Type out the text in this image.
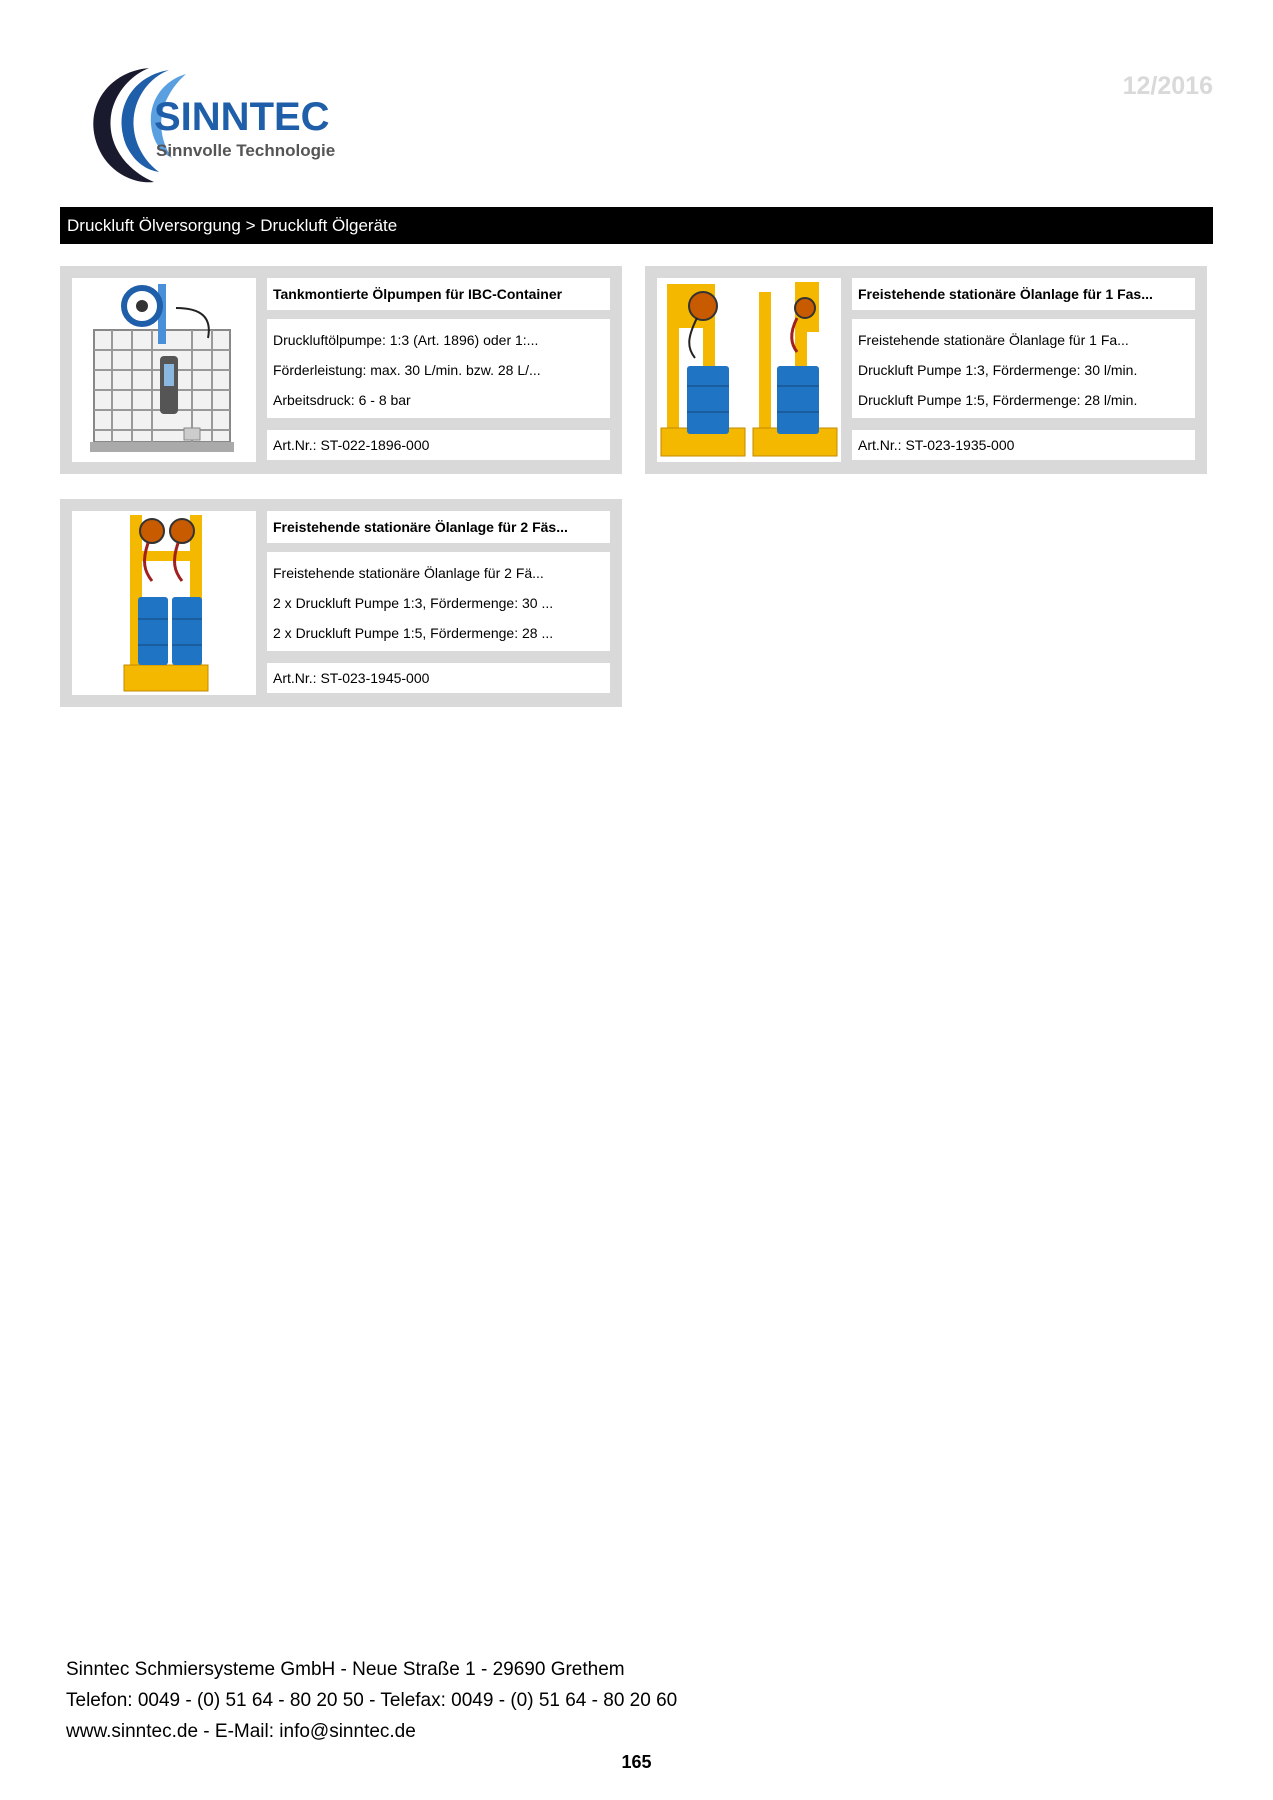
SINNTEC
Sinnvolle Technologie
12/2016
Druckluft Ölversorgung > Druckluft Ölgeräte
Tankmontierte Ölpumpen für IBC-Container
Druckluftölpumpe: 1:3 (Art. 1896) oder 1:...
Förderleistung: max. 30 L/min. bzw. 28 L/...
Arbeitsdruck: 6 - 8 bar
Art.Nr.: ST-022-1896-000
Freistehende stationäre Ölanlage für 1 Fas...
Freistehende stationäre Ölanlage für 1 Fa...
Druckluft Pumpe 1:3, Fördermenge: 30 l/min.
Druckluft Pumpe 1:5, Fördermenge: 28 l/min.
Art.Nr.: ST-023-1935-000
Freistehende stationäre Ölanlage für 2 Fäs...
Freistehende stationäre Ölanlage für 2 Fä...
2 x Druckluft Pumpe 1:3, Fördermenge: 30 ...
2 x Druckluft Pumpe 1:5, Fördermenge: 28 ...
Art.Nr.: ST-023-1945-000
Sinntec Schmiersysteme GmbH - Neue Straße 1 - 29690 Grethem
Telefon: 0049 - (0) 51 64 - 80 20 50 - Telefax: 0049 - (0) 51 64 - 80 20 60
www.sinntec.de - E-Mail: info@sinntec.de
165
